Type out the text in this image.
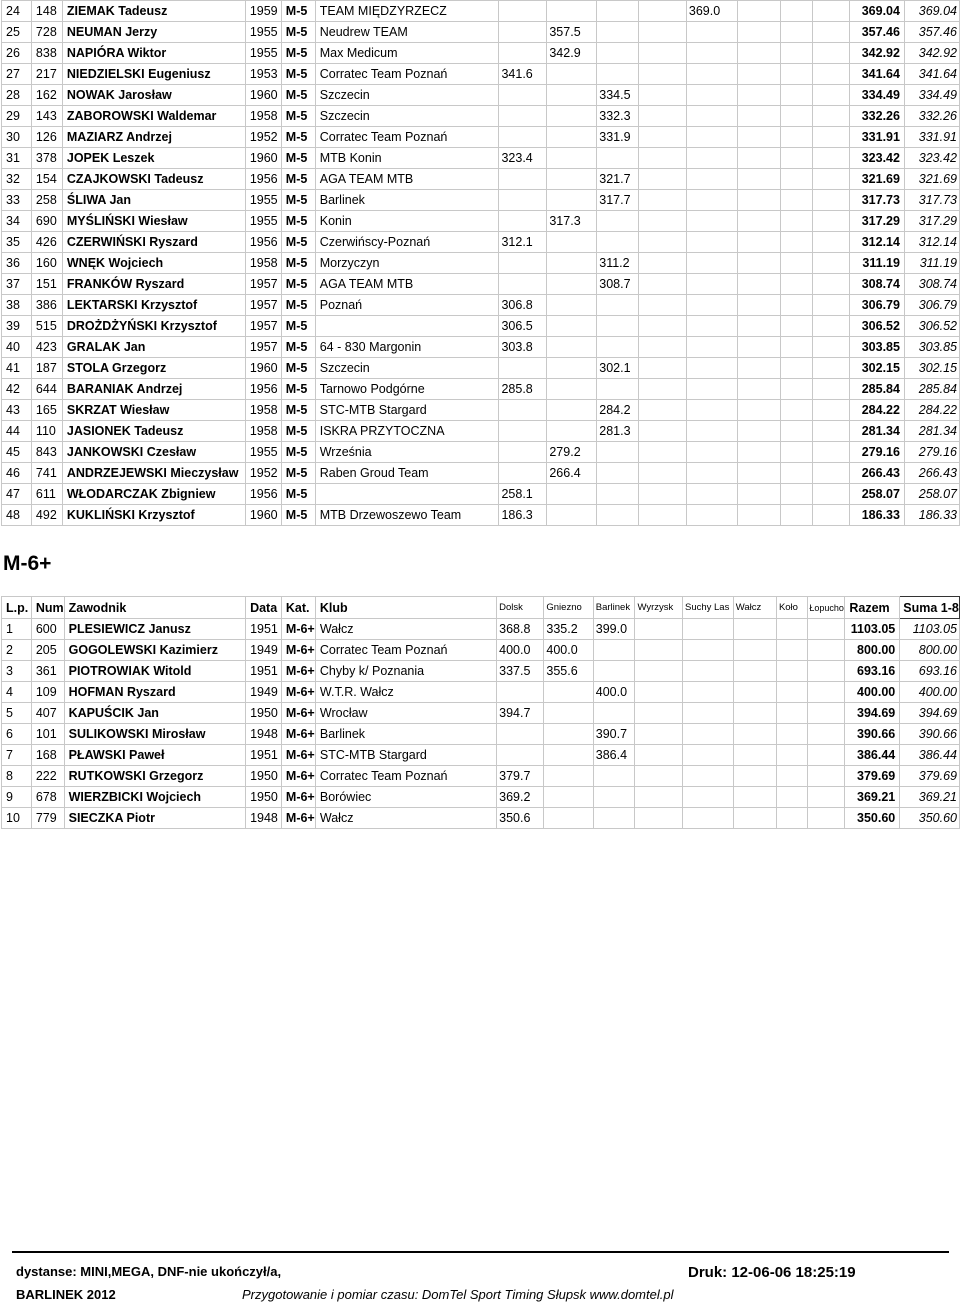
24	148	ZIEMAK Tadeusz	1959	M-5	TEAM MIĘDZYRZECZ					369.0				369.04	369.04
25	728	NEUMAN Jerzy	1955	M-5	Neudrew TEAM		357.5							357.46	357.46
26	838	NAPIÓRA Wiktor	1955	M-5	Max Medicum		342.9							342.92	342.92
27	217	NIEDZIELSKI Eugeniusz	1953	M-5	Corratec Team Poznań	341.6								341.64	341.64
28	162	NOWAK Jarosław	1960	M-5	Szczecin			334.5						334.49	334.49
29	143	ZABOROWSKI Waldemar	1958	M-5	Szczecin			332.3						332.26	332.26
30	126	MAZIARZ Andrzej	1952	M-5	Corratec Team Poznań			331.9						331.91	331.91
31	378	JOPEK Leszek	1960	M-5	MTB Konin	323.4								323.42	323.42
32	154	CZAJKOWSKI Tadeusz	1956	M-5	AGA TEAM MTB			321.7						321.69	321.69
33	258	ŚLIWA Jan	1955	M-5	Barlinek			317.7						317.73	317.73
34	690	MYŚLIŃSKI Wiesław	1955	M-5	Konin		317.3							317.29	317.29
35	426	CZERWIŃSKI Ryszard	1956	M-5	Czerwińscy-Poznań	312.1								312.14	312.14
36	160	WNĘK Wojciech	1958	M-5	Morzyczyn			311.2						311.19	311.19
37	151	FRANKÓW Ryszard	1957	M-5	AGA TEAM MTB			308.7						308.74	308.74
38	386	LEKTARSKI Krzysztof	1957	M-5	Poznań	306.8								306.79	306.79
39	515	DROŻDŻYŃSKI Krzysztof	1957	M-5		306.5								306.52	306.52
40	423	GRALAK Jan	1957	M-5	64 - 830 Margonin	303.8								303.85	303.85
41	187	STOLA Grzegorz	1960	M-5	Szczecin			302.1						302.15	302.15
42	644	BARANIAK Andrzej	1956	M-5	Tarnowo Podgórne	285.8								285.84	285.84
43	165	SKRZAT Wiesław	1958	M-5	STC-MTB Stargard			284.2						284.22	284.22
44	110	JASIONEK Tadeusz	1958	M-5	ISKRA PRZYTOCZNA			281.3						281.34	281.34
45	843	JANKOWSKI Czesław	1955	M-5	Września		279.2							279.16	279.16
46	741	ANDRZEJEWSKI Mieczysław	1952	M-5	Raben Groud Team		266.4							266.43	266.43
47	611	WŁODARCZAK Zbigniew	1956	M-5		258.1								258.07	258.07
48	492	KUKLIŃSKI Krzysztof	1960	M-5	MTB Drzewoszewo Team	186.3								186.33	186.33
M-6+
L.p.	Num	Zawodnik	Data	Kat.	Klub	Dolsk	Gniezno	Barlinek	Wyrzysk	Suchy Las	Wałcz	Koło	Łopucho	Razem	Suma 1-8
1	600	PLESIEWICZ Janusz	1951	M-6+	Wałcz	368.8	335.2	399.0						1103.05	1103.05
2	205	GOGOLEWSKI Kazimierz	1949	M-6+	Corratec Team Poznań	400.0	400.0							800.00	800.00
3	361	PIOTROWIAK Witold	1951	M-6+	Chyby k/ Poznania	337.5	355.6							693.16	693.16
4	109	HOFMAN Ryszard	1949	M-6+	W.T.R. Wałcz			400.0						400.00	400.00
5	407	KAPUŚCIK Jan	1950	M-6+	Wrocław	394.7								394.69	394.69
6	101	SULIKOWSKI Mirosław	1948	M-6+	Barlinek			390.7						390.66	390.66
7	168	PŁAWSKI Paweł	1951	M-6+	STC-MTB Stargard			386.4						386.44	386.44
8	222	RUTKOWSKI Grzegorz	1950	M-6+	Corratec Team Poznań	379.7								379.69	379.69
9	678	WIERZBICKI Wojciech	1950	M-6+	Borówiec	369.2								369.21	369.21
10	779	SIECZKA Piotr	1948	M-6+	Wałcz	350.6								350.60	350.60
dystanse: MINI,MEGA, DNF-nie ukończył/a,
BARLINEK 2012	Przygotowanie i pomiar czasu: DomTel Sport Timing Słupsk www.domtel.pl
Druk: 12-06-06 18:25:19
